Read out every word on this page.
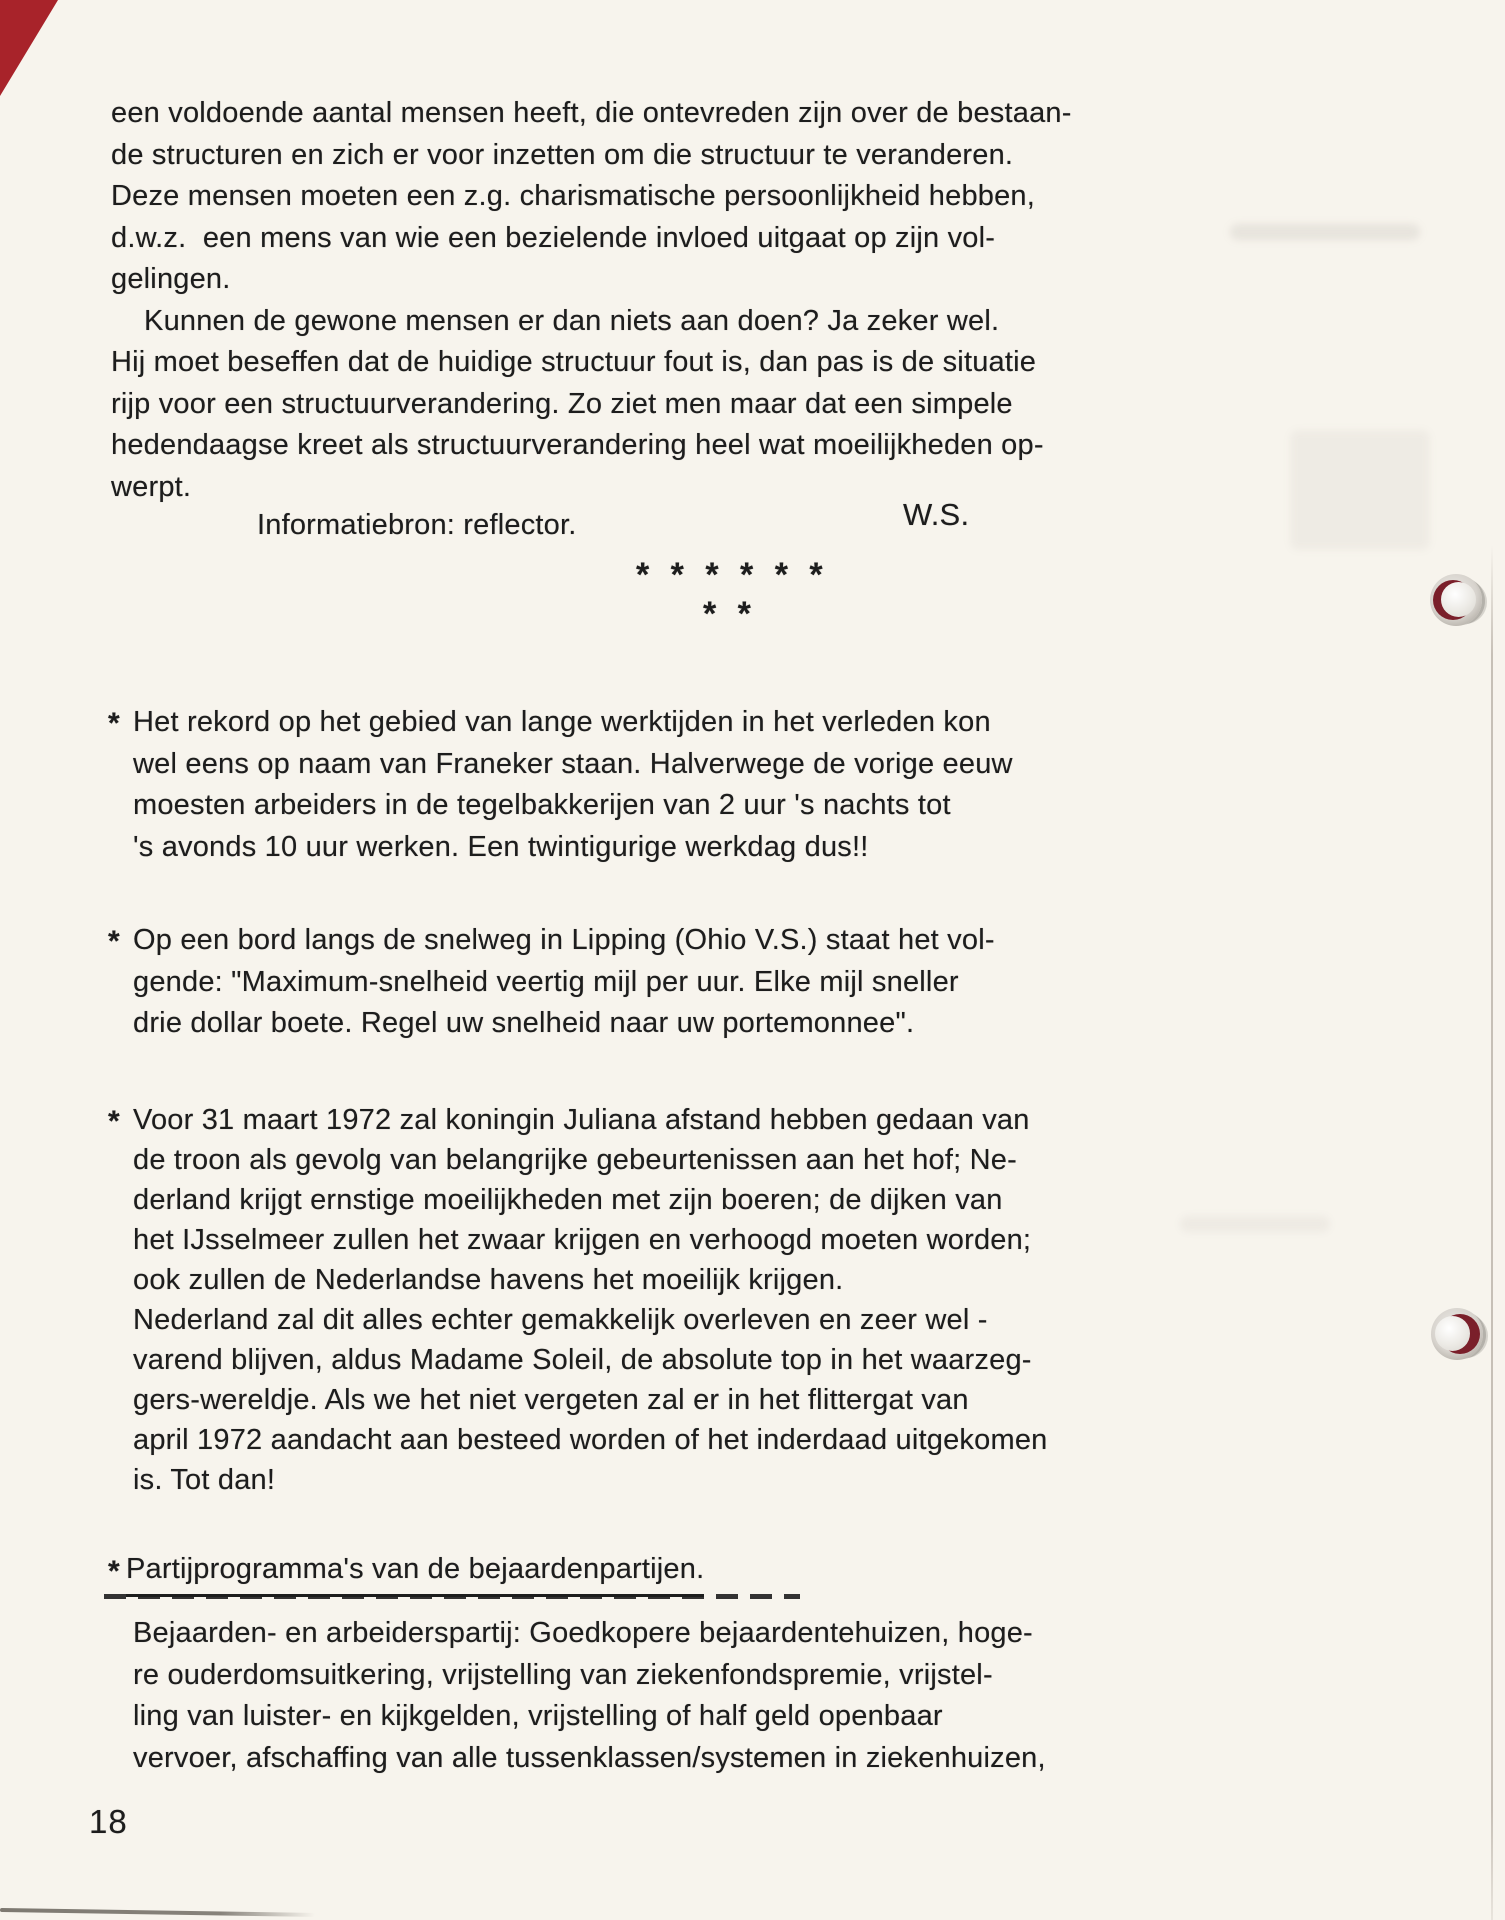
een voldoende aantal mensen heeft, die ontevreden zijn over de bestaan-
de structuren en zich er voor inzetten om die structuur te veranderen.
Deze mensen moeten een z.g. charismatische persoonlijkheid hebben,
d.w.z.  een mens van wie een bezielende invloed uitgaat op zijn vol-
gelingen.
Kunnen de gewone mensen er dan niets aan doen? Ja zeker wel.
Hij moet beseffen dat de huidige structuur fout is, dan pas is de situatie
rijp voor een structuurverandering. Zo ziet men maar dat een simpele
hedendaagse kreet als structuurverandering heel wat moeilijkheden op-
werpt.
W.S.
Informatiebron: reflector.
* * * * * *
* *
* Het rekord op het gebied van lange werktijden in het verleden kon
wel eens op naam van Franeker staan. Halverwege de vorige eeuw
moesten arbeiders in de tegelbakkerijen van 2 uur 's nachts tot
's avonds 10 uur werken. Een twintigurige werkdag dus!!
* Op een bord langs de snelweg in Lipping (Ohio V.S.) staat het vol-
gende: "Maximum-snelheid veertig mijl per uur. Elke mijl sneller
drie dollar boete. Regel uw snelheid naar uw portemonnee".
* Voor 31 maart 1972 zal koningin Juliana afstand hebben gedaan van
de troon als gevolg van belangrijke gebeurtenissen aan het hof; Ne-
derland krijgt ernstige moeilijkheden met zijn boeren; de dijken van
het IJsselmeer zullen het zwaar krijgen en verhoogd moeten worden;
ook zullen de Nederlandse havens het moeilijk krijgen.
Nederland zal dit alles echter gemakkelijk overleven en zeer wel -
varend blijven, aldus Madame Soleil, de absolute top in het waarzeg-
gers-wereldje. Als we het niet vergeten zal er in het flittergat van
april 1972 aandacht aan besteed worden of het inderdaad uitgekomen
is. Tot dan!
* Partijprogramma's van de bejaardenpartijen.
Bejaarden- en arbeiderspartij: Goedkopere bejaardentehuizen, hoge-
re ouderdomsuitkering, vrijstelling van ziekenfondspremie, vrijstel-
ling van luister- en kijkgelden, vrijstelling of half geld openbaar
vervoer, afschaffing van alle tussenklassen/systemen in ziekenhuizen,
18
